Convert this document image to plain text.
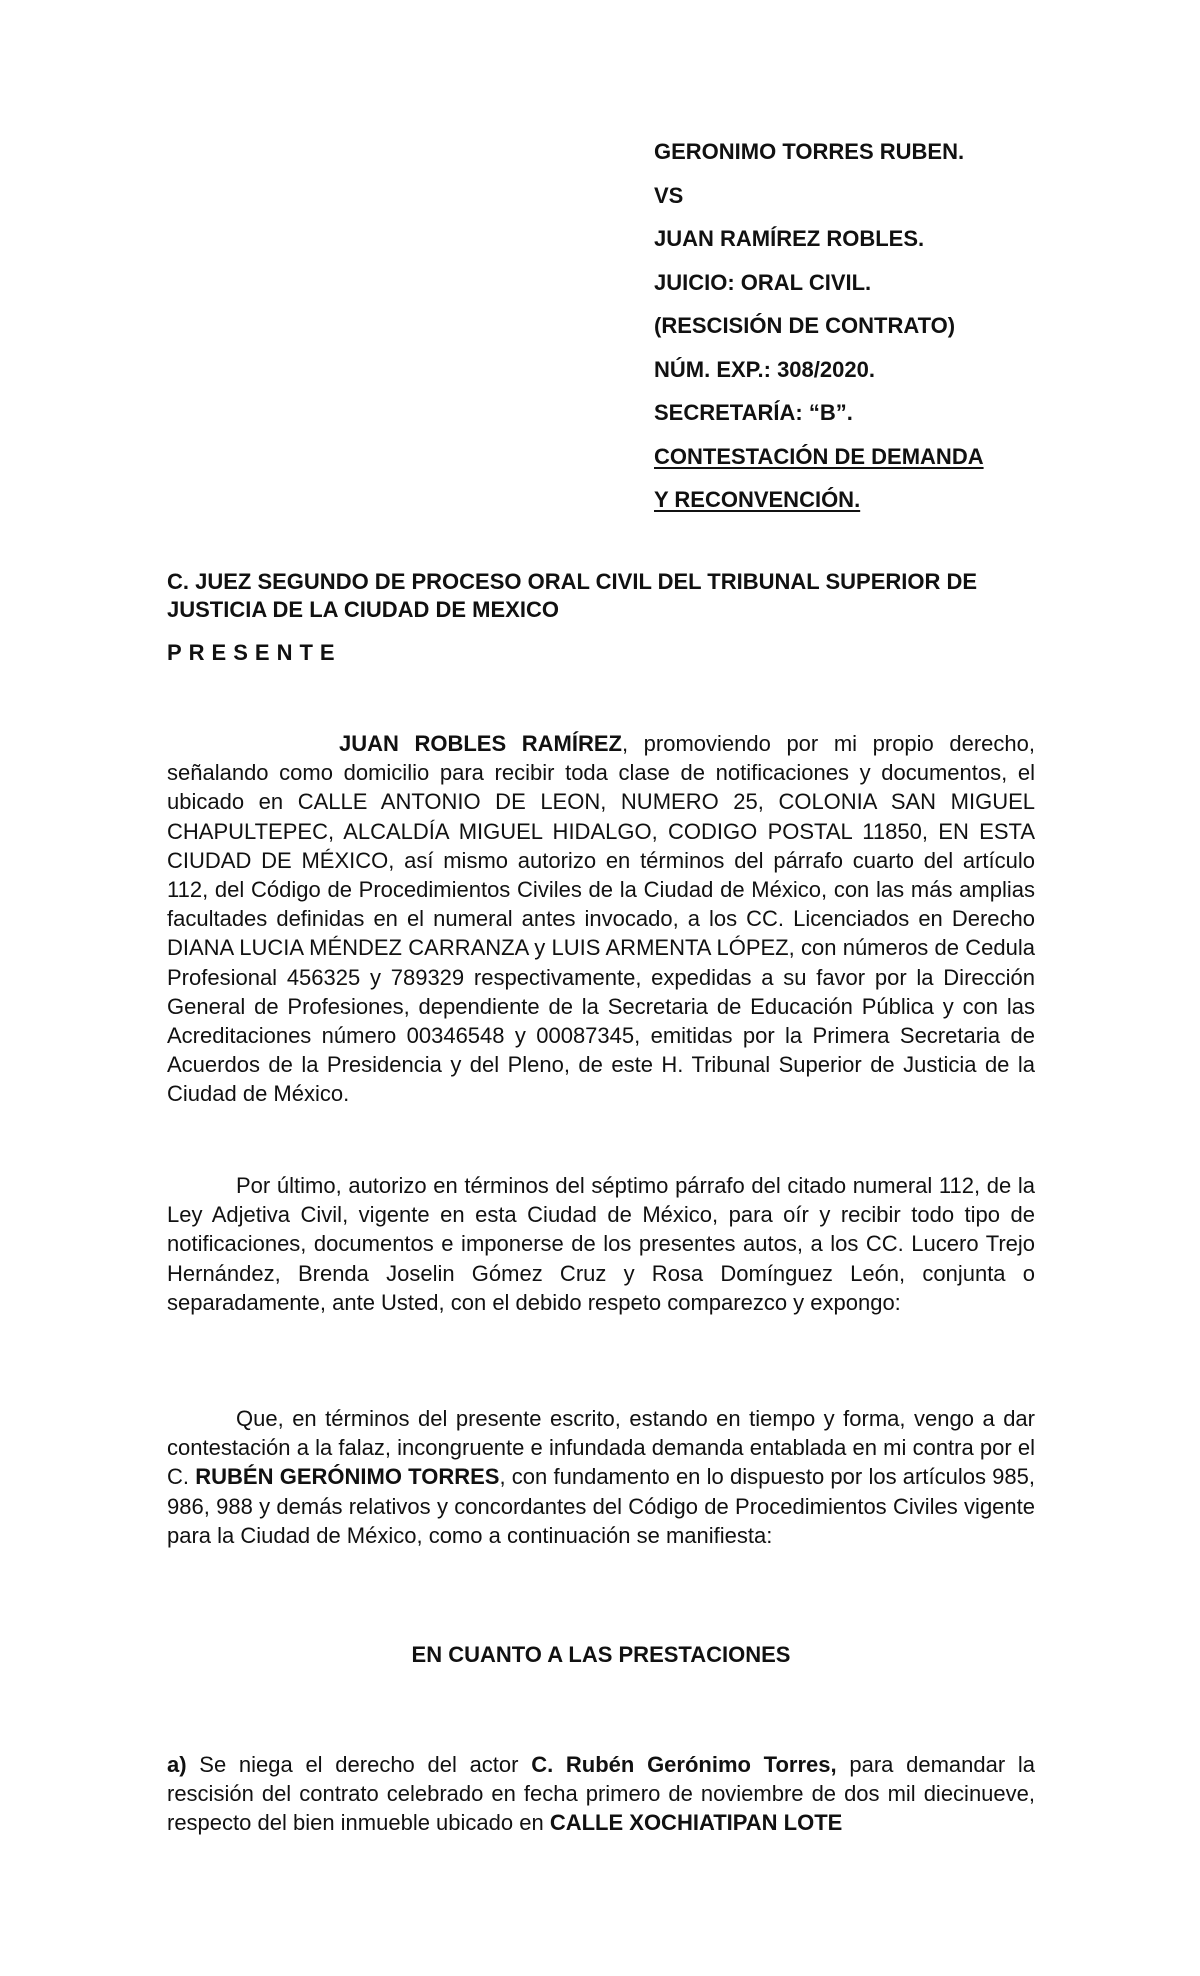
GERONIMO TORRES RUBEN.

VS

JUAN RAMÍREZ ROBLES.

JUICIO: ORAL CIVIL.

(RESCISIÓN DE CONTRATO)

NÚM. EXP.: 308/2020.

SECRETARÍA: “B”.

CONTESTACIÓN DE DEMANDA

Y RECONVENCIÓN.

C. JUEZ SEGUNDO DE PROCESO ORAL CIVIL DEL TRIBUNAL SUPERIOR DE JUSTICIA DE LA CIUDAD DE MEXICO

PRESENTE

JUAN ROBLES RAMÍREZ, promoviendo por mi propio derecho, señalando como domicilio para recibir toda clase de notificaciones y documentos, el ubicado en CALLE ANTONIO DE LEON, NUMERO 25, COLONIA SAN MIGUEL CHAPULTEPEC, ALCALDÍA MIGUEL HIDALGO, CODIGO POSTAL 11850, EN ESTA CIUDAD DE MÉXICO, así mismo autorizo en términos del párrafo cuarto del artículo 112, del Código de Procedimientos Civiles de la Ciudad de México, con las más amplias facultades definidas en el numeral antes invocado, a los CC. Licenciados en Derecho DIANA LUCIA MÉNDEZ CARRANZA y LUIS ARMENTA LÓPEZ, con números de Cedula Profesional 456325 y 789329 respectivamente, expedidas a su favor por la Dirección General de Profesiones, dependiente de la Secretaria de Educación Pública y con las Acreditaciones número 00346548 y 00087345, emitidas por la Primera Secretaria de Acuerdos de la Presidencia y del Pleno, de este H. Tribunal Superior de Justicia de la Ciudad de México.

Por último, autorizo en términos del séptimo párrafo del citado numeral 112, de la Ley Adjetiva Civil, vigente en esta Ciudad de México, para oír y recibir todo tipo de notificaciones, documentos e imponerse de los presentes autos, a los CC. Lucero Trejo Hernández, Brenda Joselin Gómez Cruz y Rosa Domínguez León, conjunta o separadamente, ante Usted, con el debido respeto comparezco y expongo:

Que, en términos del presente escrito, estando en tiempo y forma, vengo a dar contestación a la falaz, incongruente e infundada demanda entablada en mi contra por el C. RUBÉN GERÓNIMO TORRES, con fundamento en lo dispuesto por los artículos 985, 986, 988 y demás relativos y concordantes del Código de Procedimientos Civiles vigente para la Ciudad de México, como a continuación se manifiesta:

EN CUANTO A LAS PRESTACIONES

a) Se niega el derecho del actor C. Rubén Gerónimo Torres, para demandar la rescisión del contrato celebrado en fecha primero de noviembre de dos mil diecinueve, respecto del bien inmueble ubicado en CALLE XOCHIATIPAN LOTE
